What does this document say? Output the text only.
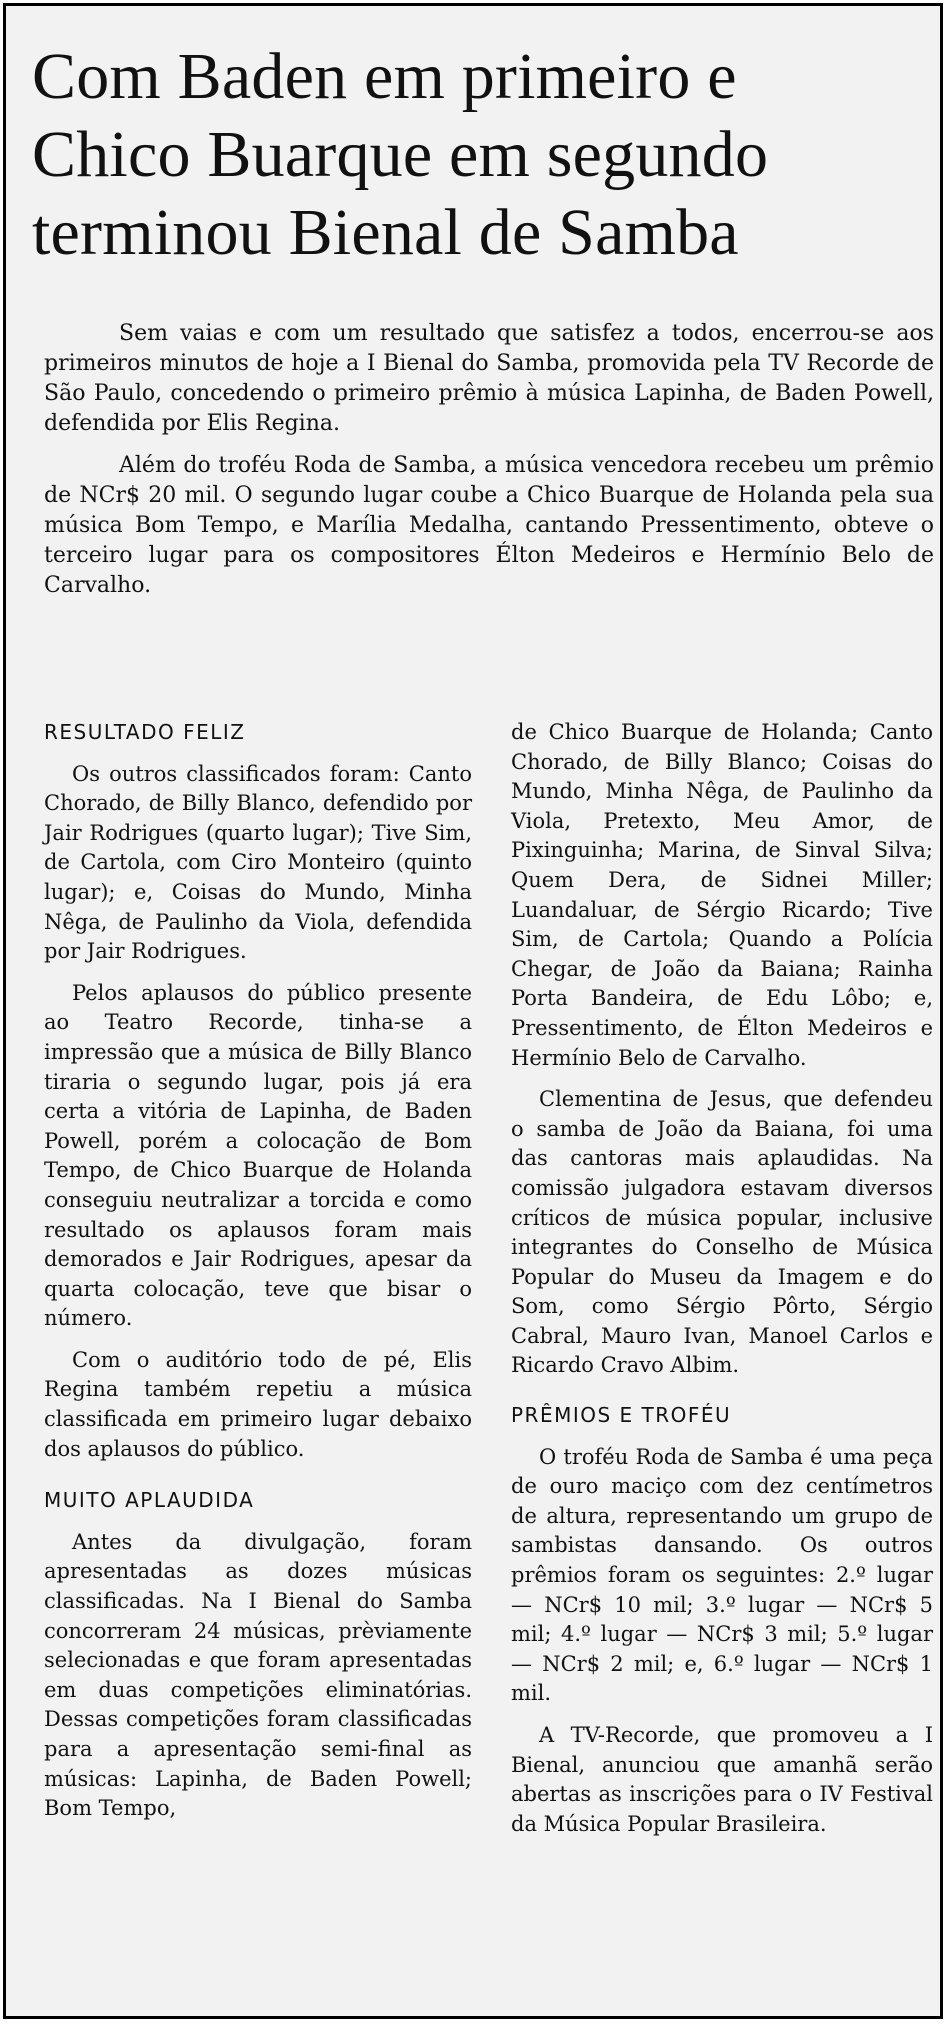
Com Baden em primeiro e
Chico Buarque em segundo
terminou Bienal de Samba

Sem vaias e com um resultado que satisfez a todos, encerrou-se aos primeiros minutos de hoje a I Bienal do Samba, promovida pela TV Recorde de São Paulo, concedendo o primeiro prêmio à música Lapinha, de Baden Powell, defendida por Elis Regina.

Além do troféu Roda de Samba, a música vencedora recebeu um prêmio de NCr$ 20 mil. O segundo lugar coube a Chico Buarque de Holanda pela sua música Bom Tempo, e Marília Medalha, cantando Pressentimento, obteve o terceiro lugar para os compositores Élton Medeiros e Hermínio Belo de Carvalho.

RESULTADO FELIZ

Os outros classificados foram: Canto Chorado, de Billy Blanco, defendido por Jair Rodrigues (quarto lugar); Tive Sim, de Cartola, com Ciro Monteiro (quinto lugar); e, Coisas do Mundo, Minha Nêga, de Paulinho da Viola, defendida por Jair Rodrigues.

Pelos aplausos do público presente ao Teatro Recorde, tinha-se a impressão que a música de Billy Blanco tiraria o segundo lugar, pois já era certa a vitória de Lapinha, de Baden Powell, porém a colocação de Bom Tempo, de Chico Buarque de Holanda conseguiu neutralizar a torcida e como resultado os aplausos foram mais demorados e Jair Rodrigues, apesar da quarta colocação, teve que bisar o número.

Com o auditório todo de pé, Elis Regina também repetiu a música classificada em primeiro lugar debaixo dos aplausos do público.

MUITO APLAUDIDA

Antes da divulgação, foram apresentadas as dozes músicas classificadas. Na I Bienal do Samba concorreram 24 músicas, prèviamente selecionadas e que foram apresentadas em duas competições eliminatórias. Dessas competições foram classificadas para a apresentação semi-final as músicas: Lapinha, de Baden Powell; Bom Tempo,

de Chico Buarque de Holanda; Canto Chorado, de Billy Blanco; Coisas do Mundo, Minha Nêga, de Paulinho da Viola, Pretexto, Meu Amor, de Pixinguinha; Marina, de Sinval Silva; Quem Dera, de Sidnei Miller; Luandaluar, de Sérgio Ricardo; Tive Sim, de Cartola; Quando a Polícia Chegar, de João da Baiana; Rainha Porta Bandeira, de Edu Lôbo; e, Pressentimento, de Élton Medeiros e Hermínio Belo de Carvalho.

Clementina de Jesus, que defendeu o samba de João da Baiana, foi uma das cantoras mais aplaudidas. Na comissão julgadora estavam diversos críticos de música popular, inclusive integrantes do Conselho de Música Popular do Museu da Imagem e do Som, como Sérgio Pôrto, Sérgio Cabral, Mauro Ivan, Manoel Carlos e Ricardo Cravo Albim.

PRÊMIOS E TROFÉU

O troféu Roda de Samba é uma peça de ouro maciço com dez centímetros de altura, representando um grupo de sambistas dansando. Os outros prêmios foram os seguintes: 2.º lugar — NCr$ 10 mil; 3.º lugar — NCr$ 5 mil; 4.º lugar — NCr$ 3 mil; 5.º lugar — NCr$ 2 mil; e, 6.º lugar — NCr$ 1 mil.

A TV-Recorde, que promoveu a I Bienal, anunciou que amanhã serão abertas as inscrições para o IV Festival da Música Popular Brasileira.
